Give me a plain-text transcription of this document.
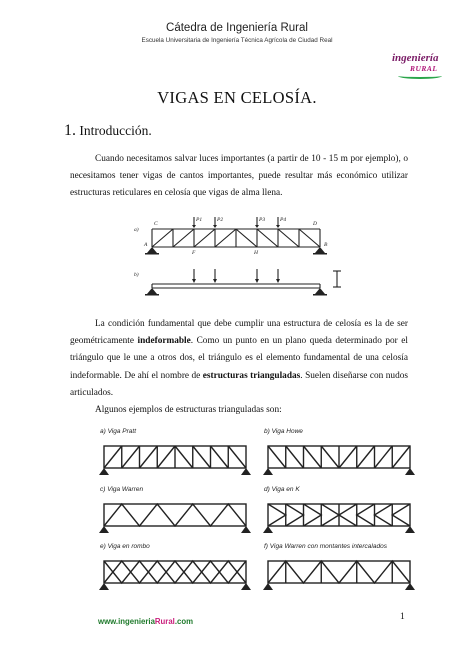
Cátedra de Ingeniería Rural
Escuela Universitaria de Ingeniería Técnica Agrícola de Ciudad Real
ingeniería
RURAL
VIGAS EN CELOSÍA.
1. Introducción.
Cuando necesitamos salvar luces importantes (a partir de 10 - 15 m por ejemplo), o necesitamos tener vigas de cantos importantes, puede resultar más económico utilizar estructuras reticulares en celosía que vigas de alma llena.
a)
b)
C	D
A	B
F	H
P1	P2	P3	P4
La condición fundamental que debe cumplir una estructura de celosía es la de ser geométricamente indeformable. Como un punto en un plano queda determinado por el triángulo que le une a otros dos, el triángulo es el elemento fundamental de una celosía indeformable. De ahí el nombre de estructuras trianguladas. Suelen diseñarse con nudos articulados.
Algunos ejemplos de estructuras trianguladas son:
a) Viga Pratt	b) Viga Howe
c) Viga Warren	d) Viga en K
e) Viga en rombo	f) Viga Warren con montantes intercalados
www.ingenieriaRural.com	1
